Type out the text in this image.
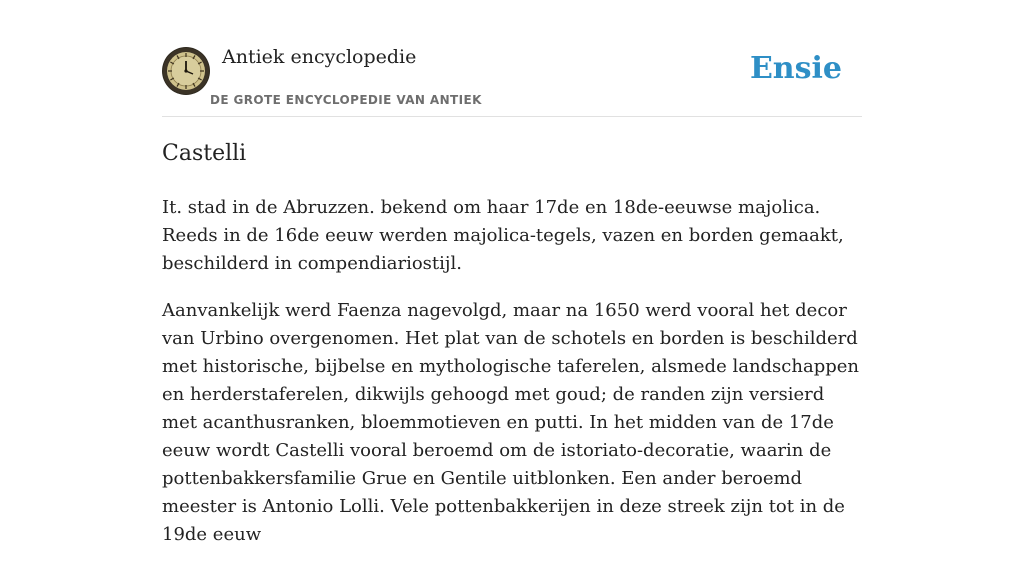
Antiek encyclopedie
DE GROTE ENCYCLOPEDIE VAN ANTIEK
Ensie
Castelli

It. stad in de Abruzzen. bekend om haar 17de en 18de-eeuwse majolica. Reeds in de 16de eeuw werden majolica-tegels, vazen en borden gemaakt, beschilderd in compendiariostijl.

Aanvankelijk werd Faenza nagevolgd, maar na 1650 werd vooral het decor van Urbino overgenomen. Het plat van de schotels en borden is beschilderd met historische, bijbelse en mythologische taferelen, alsmede landschappen en herderstaferelen, dikwijls gehoogd met goud; de randen zijn versierd met acanthusranken, bloemmotieven en putti. In het midden van de 17de eeuw wordt Castelli vooral beroemd om de istoriato-decoratie, waarin de pottenbakkersfamilie Grue en Gentile uitblonken. Een ander beroemd meester is Antonio Lolli. Vele pottenbakkerijen in deze streek zijn tot in de 19de eeuw
